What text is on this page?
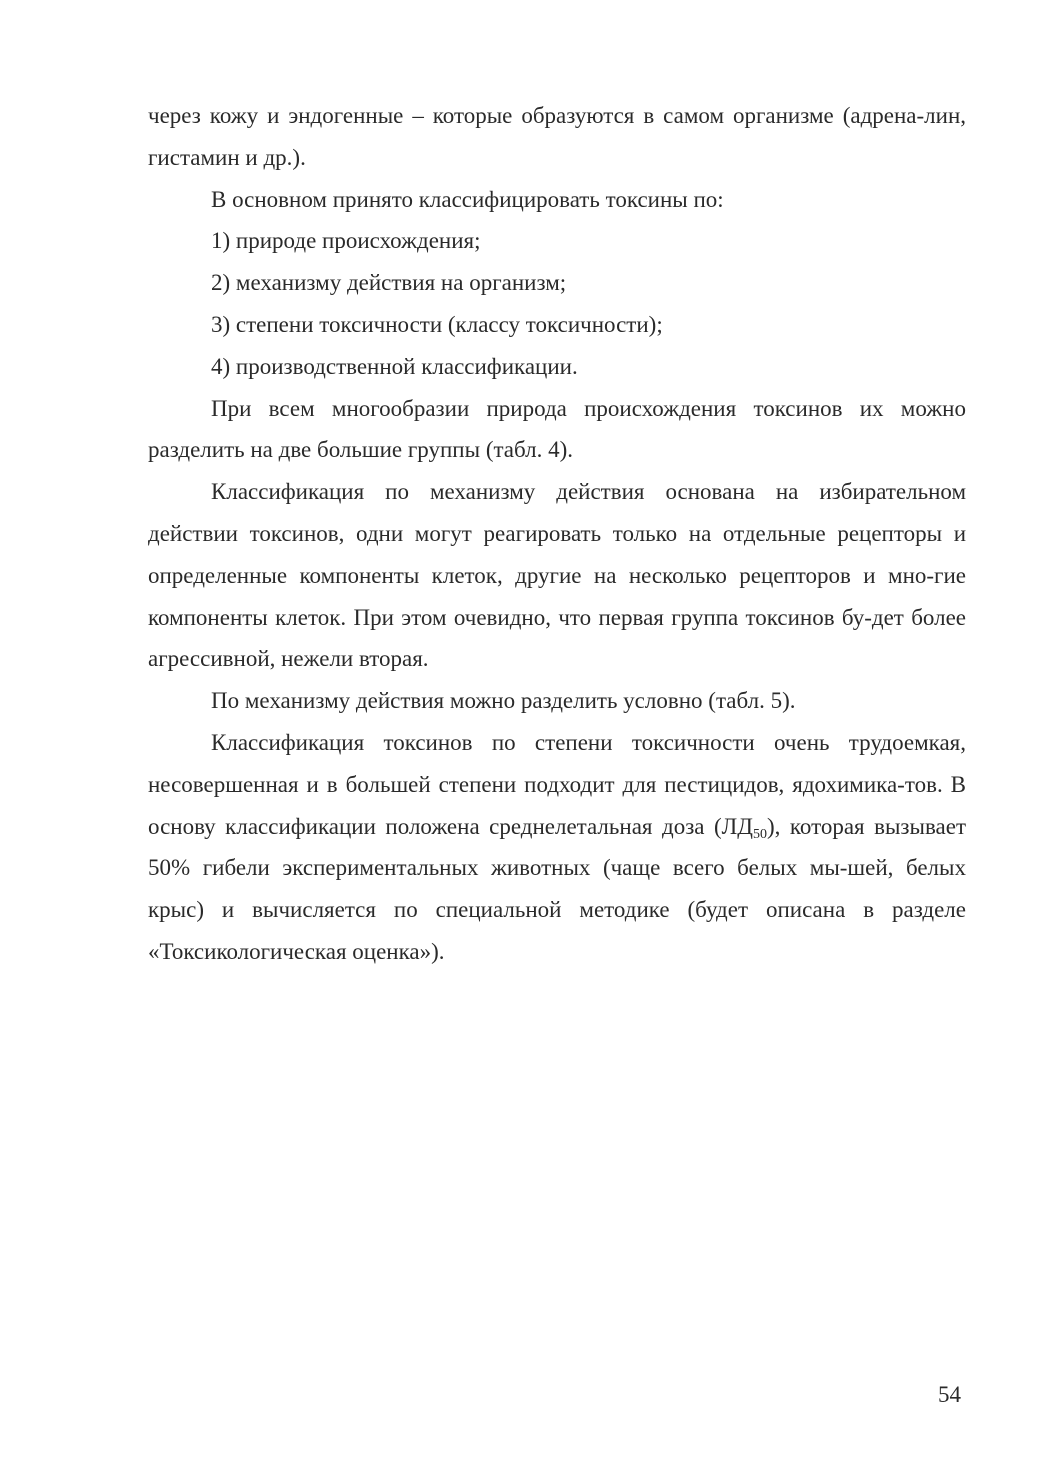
через кожу и эндогенные – которые образуются в самом организме (адрена-лин, гистамин и др.).

В основном принято классифицировать токсины по:

1) природе происхождения;

2) механизму действия на организм;

3) степени токсичности (классу токсичности);

4) производственной классификации.

При всем многообразии природа происхождения токсинов их можно разделить на две большие группы (табл. 4).

Классификация по механизму действия основана на избирательном действии токсинов, одни могут реагировать только на отдельные рецепторы и определенные компоненты клеток, другие на несколько рецепторов и мно-гие компоненты клеток. При этом очевидно, что первая группа токсинов бу-дет более агрессивной, нежели вторая.

По механизму действия можно разделить условно (табл. 5).

Классификация токсинов по степени токсичности очень трудоемкая, несовершенная и в большей степени подходит для пестицидов, ядохимика-тов. В основу классификации положена среднелетальная доза $(ЛД_{50})$, которая вызывает 50% гибели экспериментальных животных (чаще всего белых мы-шей, белых крыс) и вычисляется по специальной методике (будет описана в разделе «Токсикологическая оценка»).

54
